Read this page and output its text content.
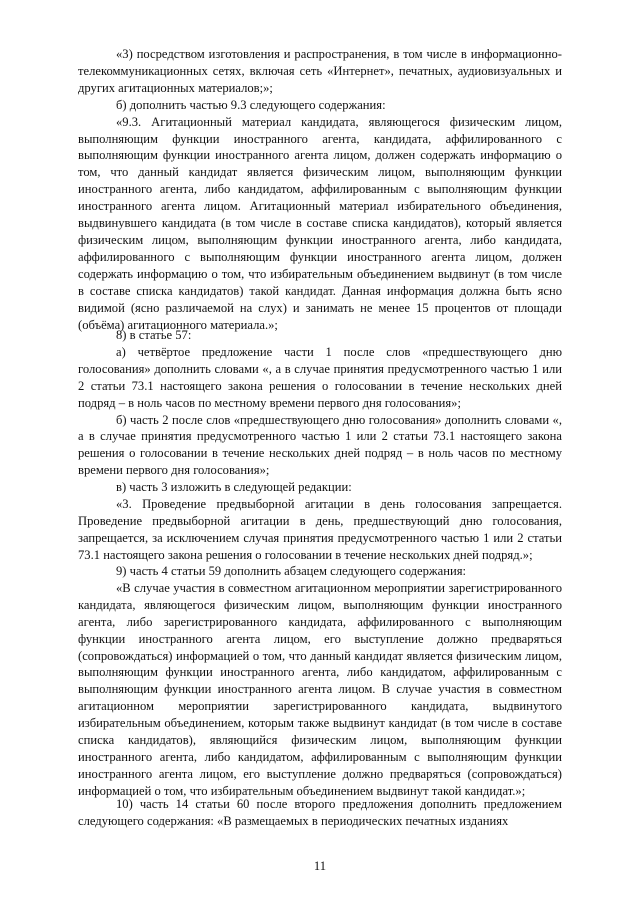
«3) посредством изготовления и распространения, в том числе в информационно-телекоммуникационных сетях, включая сеть «Интернет», печатных, аудиовизуальных и других агитационных материалов;»;

б) дополнить частью 9.3 следующего содержания:

«9.3. Агитационный материал кандидата, являющегося физическим лицом, выполняющим функции иностранного агента, кандидата, аффилированного с выполняющим функции иностранного агента лицом, должен содержать информацию о том, что данный кандидат является физическим лицом, выполняющим функции иностранного агента, либо кандидатом, аффилированным с выполняющим функции иностранного агента лицом. Агитационный материал избирательного объединения, выдвинувшего кандидата (в том числе в составе списка кандидатов), который является физическим лицом, выполняющим функции иностранного агента, либо кандидата, аффилированного с выполняющим функции иностранного агента лицом, должен содержать информацию о том, что избирательным объединением выдвинут (в том числе в составе списка кандидатов) такой кандидат. Данная информация должна быть ясно видимой (ясно различаемой на слух) и занимать не менее 15 процентов от площади (объёма) агитационного материала.»;

8) в статье 57:

а) четвёртое предложение части 1 после слов «предшествующего дню голосования» дополнить словами «, а в случае принятия предусмотренного частью 1 или 2 статьи 73.1 настоящего закона решения о голосовании в течение нескольких дней подряд – в ноль часов по местному времени первого дня голосования»;

б) часть 2 после слов «предшествующего дню голосования» дополнить словами «, а в случае принятия предусмотренного частью 1 или 2 статьи 73.1 настоящего закона решения о голосовании в течение нескольких дней подряд – в ноль часов по местному времени первого дня голосования»;

в) часть 3 изложить в следующей редакции:

«3. Проведение предвыборной агитации в день голосования запрещается. Проведение предвыборной агитации в день, предшествующий дню голосования, запрещается, за исключением случая принятия предусмотренного частью 1 или 2 статьи 73.1 настоящего закона решения о голосовании в течение нескольких дней подряд.»;

9) часть 4 статьи 59 дополнить абзацем следующего содержания:

«В случае участия в совместном агитационном мероприятии зарегистрированного кандидата, являющегося физическим лицом, выполняющим функции иностранного агента, либо зарегистрированного кандидата, аффилированного с выполняющим функции иностранного агента лицом, его выступление должно предваряться (сопровождаться) информацией о том, что данный кандидат является физическим лицом, выполняющим функции иностранного агента, либо кандидатом, аффилированным с выполняющим функции иностранного агента лицом. В случае участия в совместном агитационном мероприятии зарегистрированного кандидата, выдвинутого избирательным объединением, которым также выдвинут кандидат (в том числе в составе списка кандидатов), являющийся физическим лицом, выполняющим функции иностранного агента, либо кандидатом, аффилированным с выполняющим функции иностранного агента лицом, его выступление должно предваряться (сопровождаться) информацией о том, что избирательным объединением выдвинут такой кандидат.»;

10) часть 14 статьи 60 после второго предложения дополнить предложением следующего содержания: «В размещаемых в периодических печатных изданиях

11
